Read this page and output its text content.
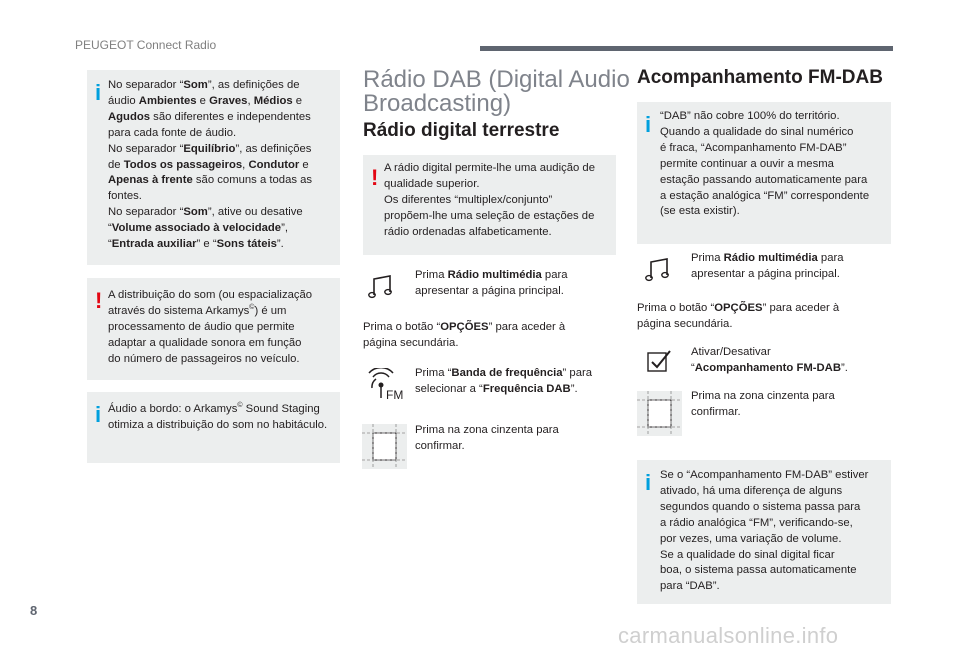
PEUGEOT Connect Radio
i No separador “Som”, as definições de

áudio Ambientes e Graves, Médios e

Agudos são diferentes e independentes

para cada fonte de áudio.

No separador “Equilíbrio”, as definições

de Todos os passageiros, Condutor e

Apenas à frente são comuns a todas as

fontes.

No separador “Som”, ative ou desative

“Volume associado à velocidade”,

“Entrada auxiliar” e “Sons táteis”.

! A distribuição do som (ou espacialização

através do sistema Arkamys©) é um

processamento de áudio que permite

adaptar a qualidade sonora em função

do número de passageiros no veículo.

i Áudio a bordo: o Arkamys© Sound Staging

otimiza a distribuição do som no habitáculo.

Rádio DAB (Digital Audio
Broadcasting)
Rádio digital terrestre
! A rádio digital permite-lhe uma audição de

qualidade superior.

Os diferentes “multiplex/conjunto”

propõem-lhe uma seleção de estações de

rádio ordenadas alfabeticamente.

Prima Rádio multimédia para
apresentar a página principal.
Prima o botão “OPÇÕES” para aceder à
página secundária.
FM
Prima “Banda de frequência” para
selecionar a “Frequência DAB”.
Prima na zona cinzenta para
confirmar.
Acompanhamento FM-DAB
i “DAB” não cobre 100% do território.

Quando a qualidade do sinal numérico

é fraca, “Acompanhamento FM-DAB”

permite continuar a ouvir a mesma

estação passando automaticamente para

a estação analógica “FM” correspondente

(se esta existir).

Prima Rádio multimédia para
apresentar a página principal.
Prima o botão “OPÇÕES” para aceder à
página secundária.
Ativar/Desativar
“Acompanhamento FM-DAB”.
Prima na zona cinzenta para
confirmar.
i Se o “Acompanhamento FM-DAB” estiver

ativado, há uma diferença de alguns

segundos quando o sistema passa para

a rádio analógica “FM”, verificando-se,

por vezes, uma variação de volume.

Se a qualidade do sinal digital ficar

boa, o sistema passa automaticamente

para “DAB”.

8
carmanualsonline.info
